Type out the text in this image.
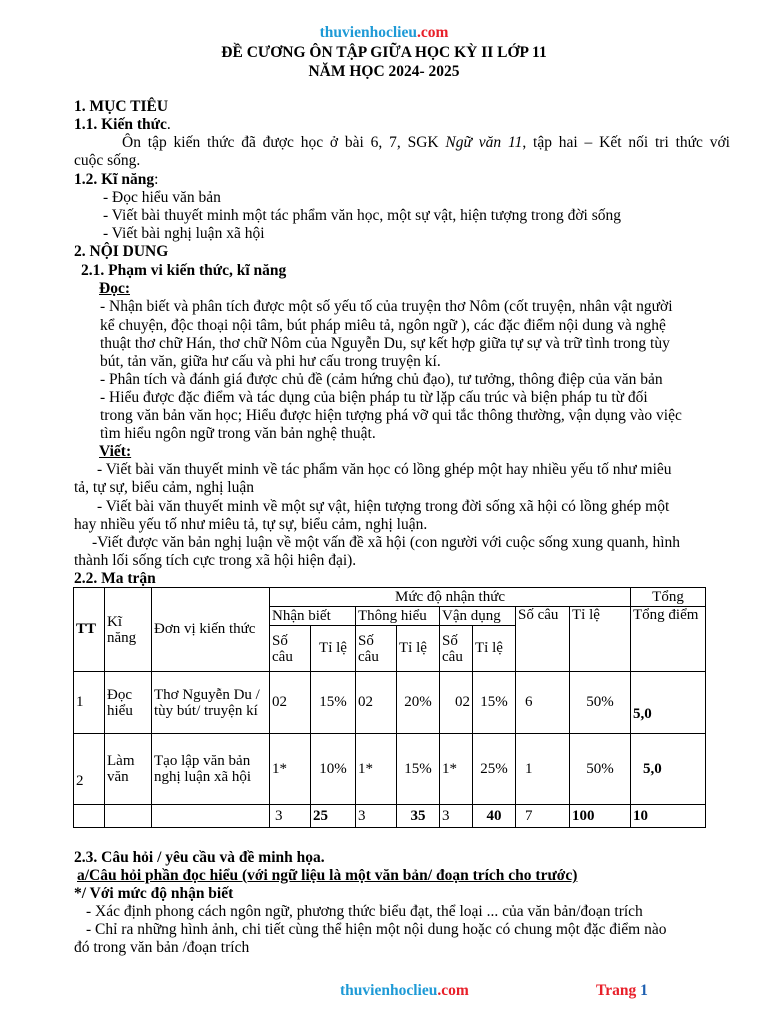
thuvienhoclieu.com
ĐỀ CƯƠNG ÔN TẬP GIỮA HỌC KỲ II LỚP 11
NĂM HỌC 2024- 2025
1. MỤC TIÊU
1.1. Kiến thức.
Ôn tập kiến thức đã được học ở bài 6, 7, SGK Ngữ văn 11, tập hai – Kết nối tri thức với
cuộc sống.
1.2. Kĩ năng:
- Đọc hiểu văn bản
- Viết bài thuyết minh một tác phẩm văn học, một sự vật, hiện tượng trong đời sống
- Viết bài nghị luận xã hội
2. NỘI DUNG
2.1. Phạm vi kiến thức, kĩ năng
Đọc:
- Nhận biết và phân tích được một số yếu tố của truyện thơ Nôm (cốt truyện, nhân vật người
kể chuyện, độc thoại nội tâm, bút pháp miêu tả, ngôn ngữ ), các đặc điểm nội dung và nghệ
thuật thơ chữ Hán, thơ chữ Nôm của Nguyễn Du, sự kết hợp giữa tự sự và trữ tình trong tùy
bút, tản văn, giữa hư cấu và phi hư cấu trong truyện kí.
- Phân tích và đánh giá được chủ đề (cảm hứng chủ đạo), tư tưởng, thông điệp của văn bản
- Hiểu được đặc điểm và tác dụng của biện pháp tu từ lặp cấu trúc và biện pháp tu từ đối
trong văn bản văn học; Hiểu được hiện tượng phá vỡ qui tắc thông thường, vận dụng vào việc
tìm hiểu ngôn ngữ trong văn bản nghệ thuật.
Viết:
- Viết bài văn thuyết minh về tác phẩm văn học có lồng ghép một hay nhiều yếu tố như miêu
tả, tự sự, biểu cảm, nghị luận
- Viết bài văn thuyết minh về một sự vật, hiện tượng trong đời sống xã hội có lồng ghép một
hay nhiều yếu tố như miêu tả, tự sự, biểu cảm, nghị luận.
-Viết được văn bản nghị luận về một vấn đề xã hội (con người với cuộc sống xung quanh, hình
thành lối sống tích cực trong xã hội hiện đại).
2.2. Ma trận
TT	Kĩ năng	Đơn vị kiến thức	Mức độ nhận thức								Tổng
			Nhận biết		Thông hiểu		Vận dụng		Số câu	Tỉ lệ	Tổng điểm
			Số câu	Tỉ lệ	Số câu	Tỉ lệ	Số câu	Tỉ lệ			
1	Đọc hiểu	Thơ Nguyễn Du / tùy bút/ truyện kí	02	15%	02	20%	02	15%	6	50%	5,0
2	Làm văn	Tạo lập văn bản nghị luận xã hội	1*	10%	1*	15%	1*	25%	1	50%	5,0
			3	25	3	35	3	40	7	100	10
2.3. Câu hỏi / yêu cầu và đề minh họa.
a/Câu hỏi phần đọc hiểu (với ngữ liệu là một văn bản/ đoạn trích cho trước)
*/ Với mức độ nhận biết
- Xác định phong cách ngôn ngữ, phương thức biểu đạt, thể loại ... của văn bản/đoạn trích
- Chỉ ra những hình ảnh, chi tiết cùng thể hiện một nội dung hoặc có chung một đặc điểm nào
đó trong văn bản /đoạn trích
thuvienhoclieu.com	Trang 1
